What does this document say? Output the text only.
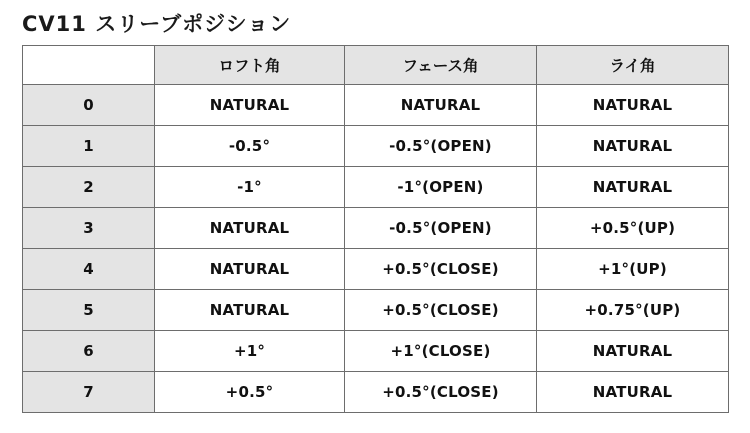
CV11 スリーブポジション
	ロフト角	フェース角	ライ角
0	NATURAL	NATURAL	NATURAL
1	-0.5°	-0.5°(OPEN)	NATURAL
2	-1°	-1°(OPEN)	NATURAL
3	NATURAL	-0.5°(OPEN)	+0.5°(UP)
4	NATURAL	+0.5°(CLOSE)	+1°(UP)
5	NATURAL	+0.5°(CLOSE)	+0.75°(UP)
6	+1°	+1°(CLOSE)	NATURAL
7	+0.5°	+0.5°(CLOSE)	NATURAL
